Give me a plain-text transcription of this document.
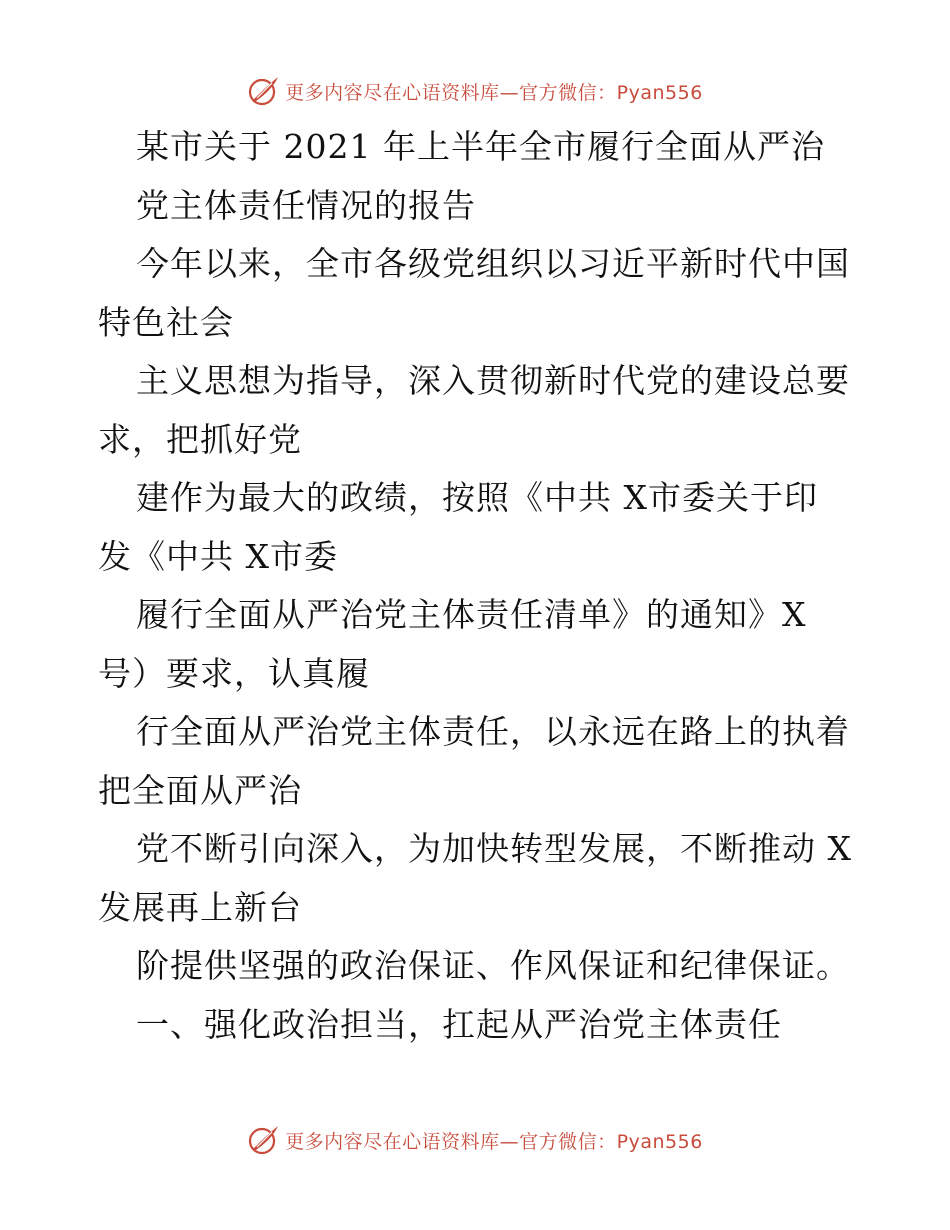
更多内容尽在心语资料库—官方微信：Pyan556
某市关于 2021 年上半年全市履行全面从严治
党主体责任情况的报告
今年以来，全市各级党组织以习近平新时代中国
特色社会
主义思想为指导，深入贯彻新时代党的建设总要
求，把抓好党
建作为最大的政绩，按照《中共 X市委关于印
发《中共 X市委
履行全面从严治党主体责任清单》的通知》X
号）要求，认真履
行全面从严治党主体责任，以永远在路上的执着
把全面从严治
党不断引向深入，为加快转型发展，不断推动 X
发展再上新台
阶提供坚强的政治保证、作风保证和纪律保证。
一、强化政治担当，扛起从严治党主体责任
更多内容尽在心语资料库—官方微信：Pyan556
